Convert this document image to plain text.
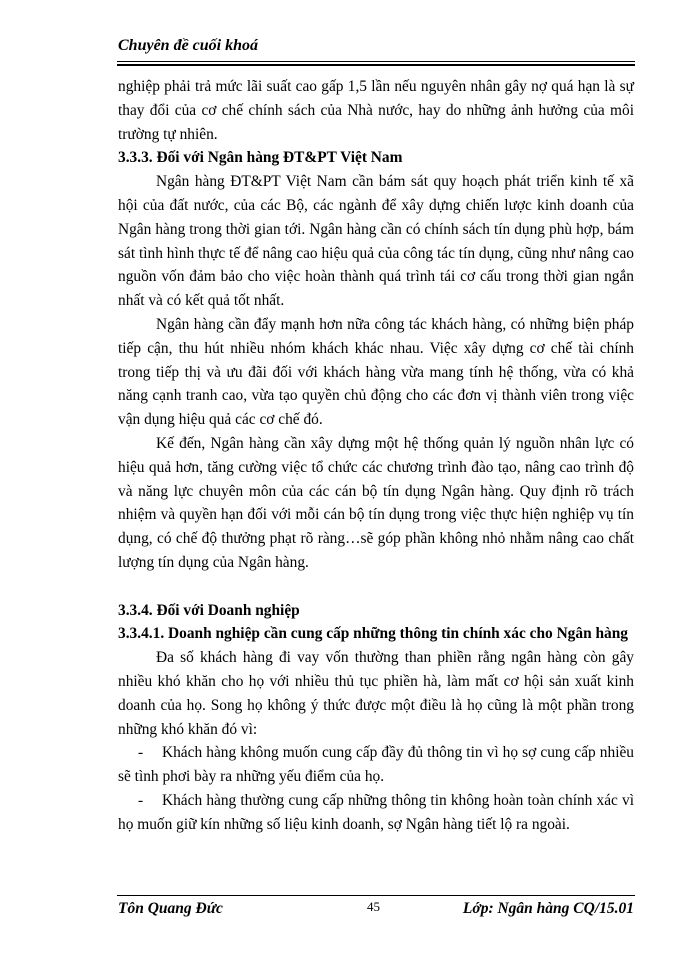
Chuyên đề cuối khoá

nghiệp phải trả mức lãi suất cao gấp 1,5 lần nếu nguyên nhân gây nợ quá hạn là sự thay đổi của cơ chế chính sách của Nhà nước, hay do những ảnh hưởng của môi trường tự nhiên.

3.3.3. Đối với Ngân hàng ĐT&PT Việt Nam

Ngân hàng ĐT&PT Việt Nam cần bám sát quy hoạch phát triển kinh tế xã hội của đất nước, của các Bộ, các ngành để xây dựng chiến lược kinh doanh của Ngân hàng trong thời gian tới. Ngân hàng cần có chính sách tín dụng phù hợp, bám sát tình hình thực tế để nâng cao hiệu quả của công tác tín dụng, cũng như nâng cao nguồn vốn đảm bảo cho việc hoàn thành quá trình tái cơ cấu trong thời gian ngắn nhất và có kết quả tốt nhất.

Ngân hàng cần đẩy mạnh hơn nữa công tác khách hàng, có những biện pháp tiếp cận, thu hút nhiều nhóm khách khác nhau. Việc xây dựng cơ chế tài chính trong tiếp thị và ưu đãi đối với khách hàng vừa mang tính hệ thống, vừa có khả năng cạnh tranh cao, vừa tạo quyền chủ động cho các đơn vị thành viên trong việc vận dụng hiệu quả các cơ chế đó.

Kế đến, Ngân hàng cần xây dựng một hệ thống quản lý nguồn nhân lực có hiệu quả hơn, tăng cường việc tổ chức các chương trình đào tạo, nâng cao trình độ và năng lực chuyên môn của các cán bộ tín dụng Ngân hàng. Quy định rõ trách nhiệm và quyền hạn đối với mỗi cán bộ tín dụng trong việc thực hiện nghiệp vụ tín dụng, có chế độ thưởng phạt rõ ràng…sẽ góp phần không nhỏ nhằm nâng cao chất lượng tín dụng của Ngân hàng.

3.3.4. Đối với Doanh nghiệp

3.3.4.1. Doanh nghiệp cần cung cấp những thông tin chính xác cho Ngân hàng

Đa số khách hàng đi vay vốn thường than phiền rằng ngân hàng còn gây nhiều khó khăn cho họ với nhiều thủ tục phiền hà, làm mất cơ hội sản xuất kinh doanh của họ. Song họ không ý thức được một điều là họ cũng là một phần trong những khó khăn đó vì:

- Khách hàng không muốn cung cấp đầy đủ thông tin vì họ sợ cung cấp nhiều sẽ tình phơi bày ra những yếu điểm của họ.

- Khách hàng thường cung cấp những thông tin không hoàn toàn chính xác vì họ muốn giữ kín những số liệu kinh doanh, sợ Ngân hàng tiết lộ ra ngoài.

Tôn Quang Đức	45	Lớp: Ngân hàng CQ/15.01
